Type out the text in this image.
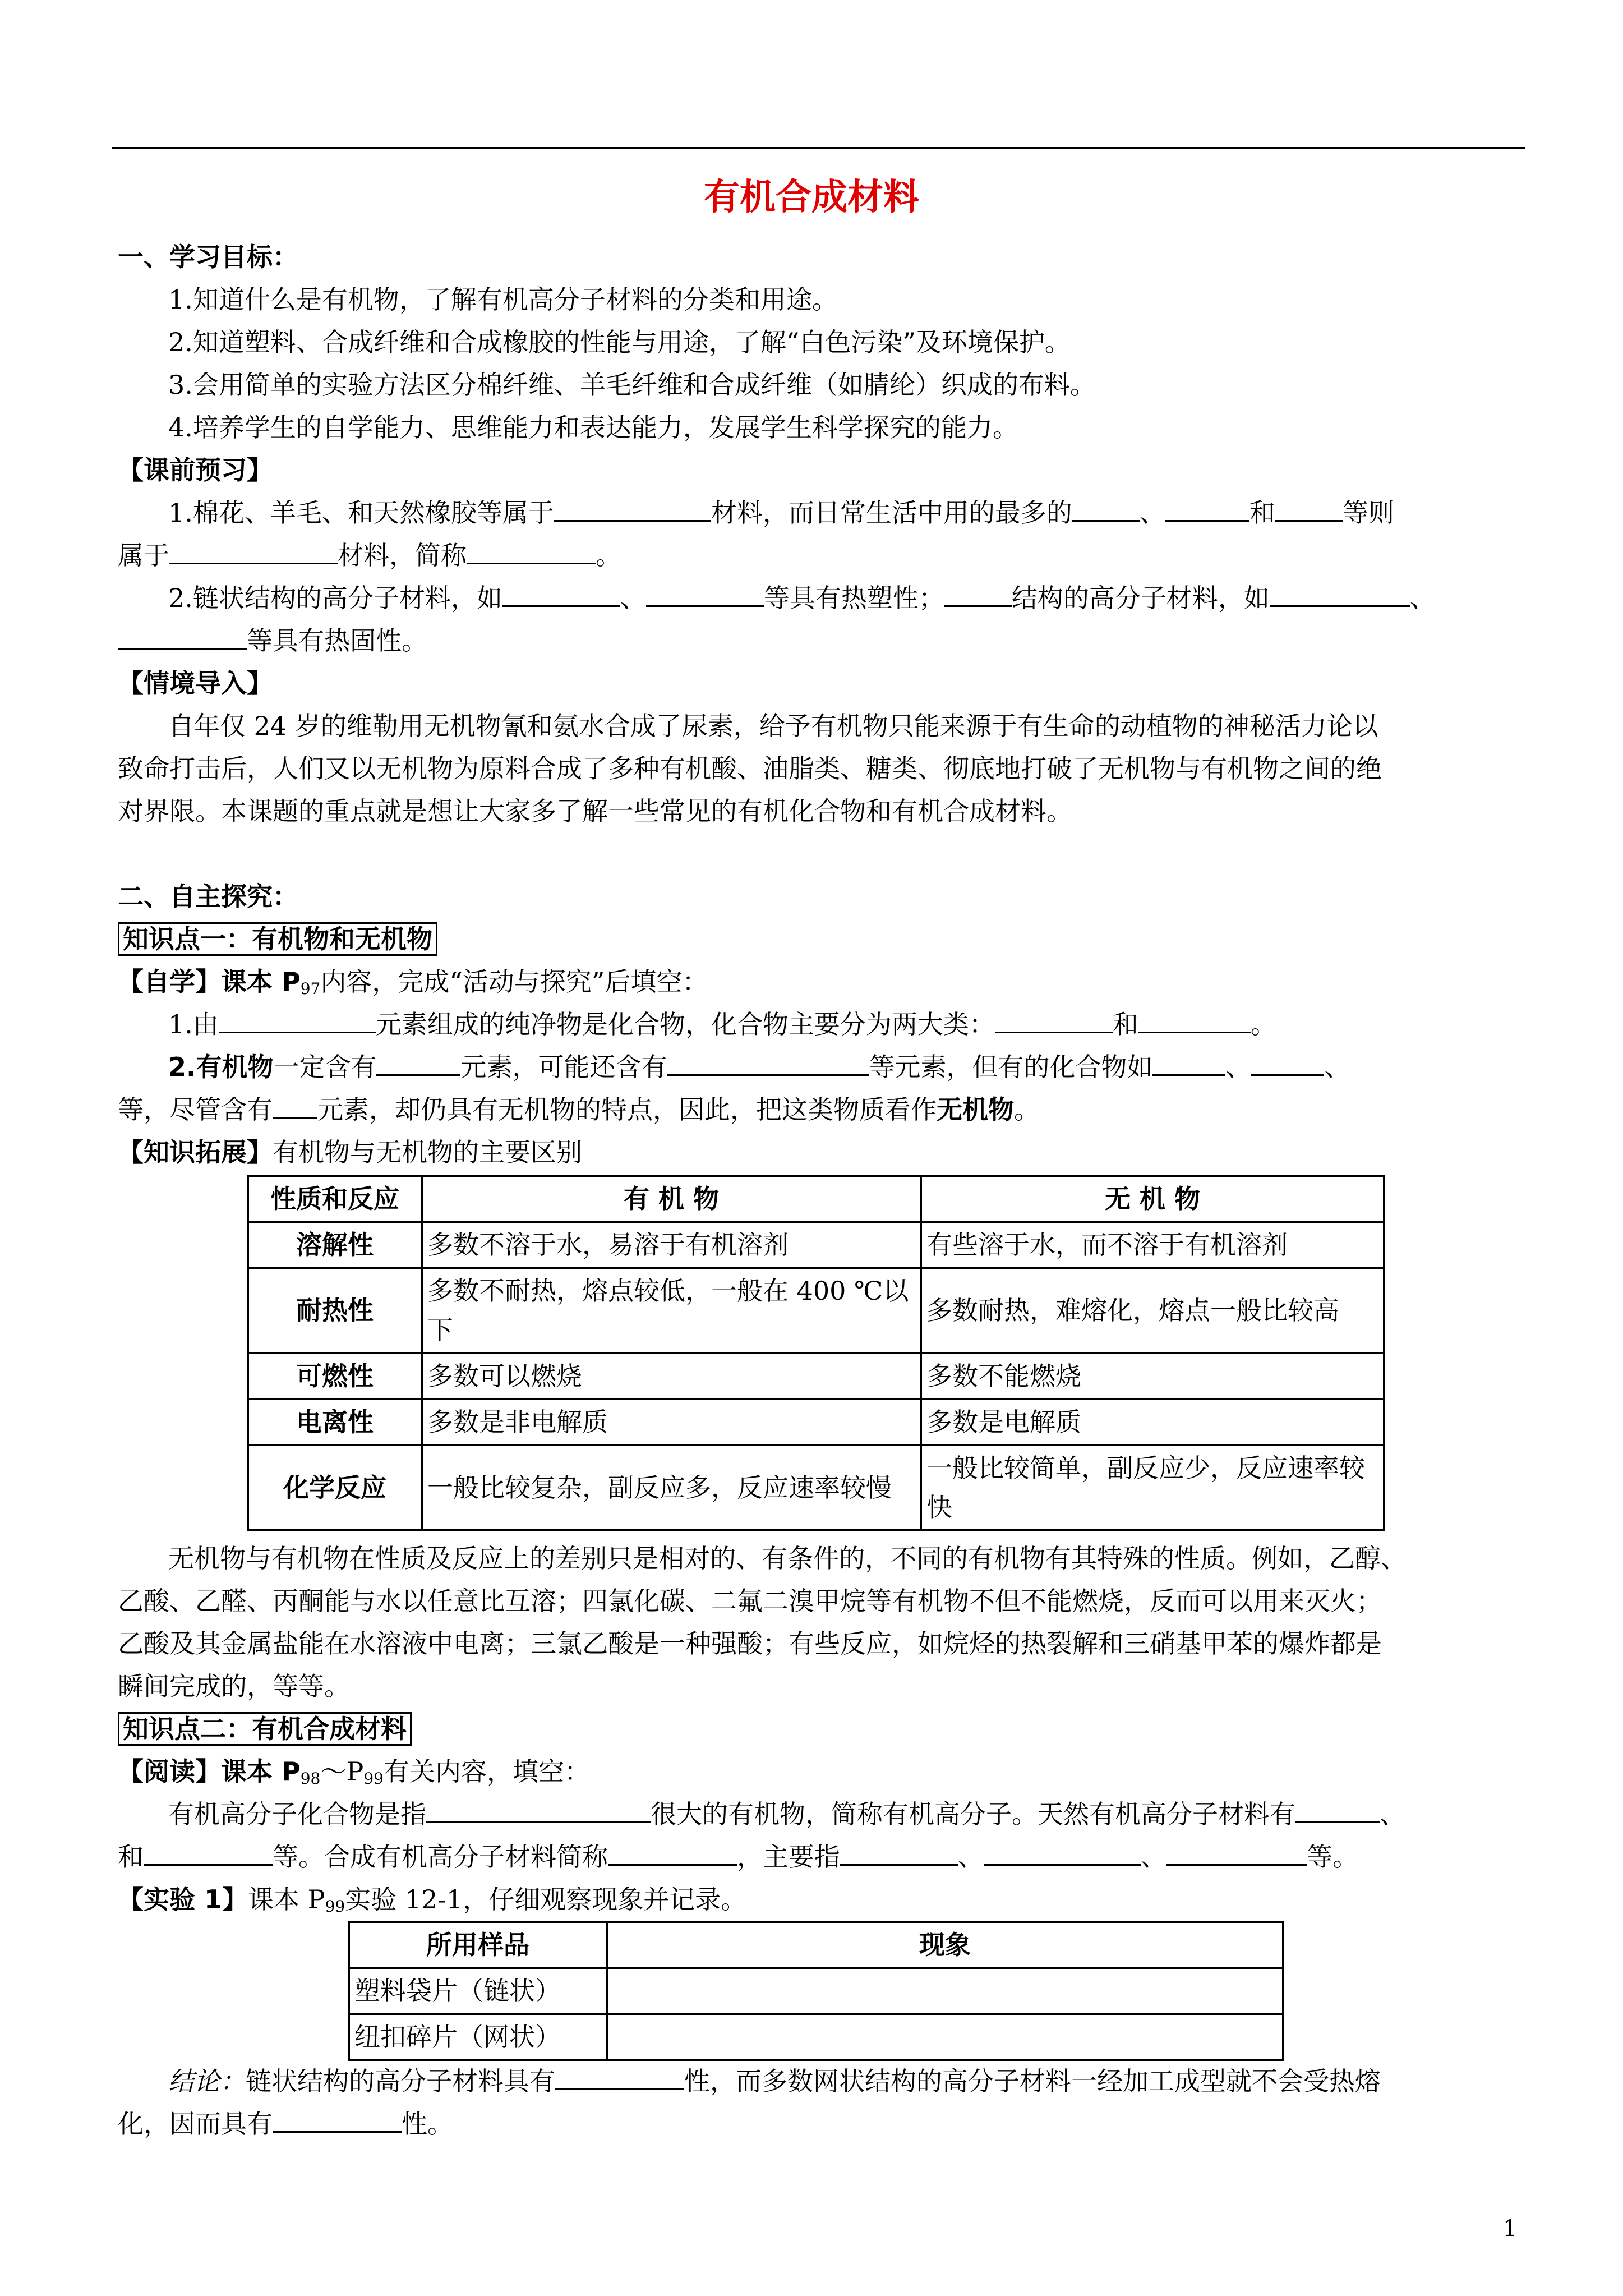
有机合成材料
一、学习目标：
1.知道什么是有机物，了解有机高分子材料的分类和用途。
2.知道塑料、合成纤维和合成橡胶的性能与用途，了解“白色污染”及环境保护。
3.会用简单的实验方法区分棉纤维、羊毛纤维和合成纤维（如腈纶）织成的布料。
4.培养学生的自学能力、思维能力和表达能力，发展学生科学探究的能力。
【课前预习】
1.棉花、羊毛、和天然橡胶等属于	材料，而日常生活中用的最多的	、	和	等则
属于	材料，简称	。
2.链状结构的高分子材料，如	、	等具有热塑性；	结构的高分子材料，如	、
等具有热固性。
【情境导入】
自年仅 24 岁的维勒用无机物氰和氨水合成了尿素，给予有机物只能来源于有生命的动植物的神秘活力论以
致命打击后，人们又以无机物为原料合成了多种有机酸、油脂类、糖类、彻底地打破了无机物与有机物之间的绝
对界限。本课题的重点就是想让大家多了解一些常见的有机化合物和有机合成材料。
二、自主探究：
知识点一：有机物和无机物
【自学】课本 $P_{97}$内容，完成“活动与探究”后填空：
1.由	元素组成的纯净物是化合物，化合物主要分为两大类：	和	。
2.有机物一定含有	元素，可能还含有	等元素，但有的化合物如	、	、
等，尽管含有 元素，却仍具有无机物的特点，因此，把这类物质看作无机物。
【知识拓展】有机物与无机物的主要区别
性质和反应	有 机 物	无 机 物
溶解性	多数不溶于水，易溶于有机溶剂	有些溶于水，而不溶于有机溶剂
耐热性	多数不耐热，熔点较低，一般在 400 ℃以下	多数耐热，难熔化，熔点一般比较高
可燃性	多数可以燃烧	多数不能燃烧
电离性	多数是非电解质	多数是电解质
化学反应	一般比较复杂，副反应多，反应速率较慢	一般比较简单，副反应少，反应速率较快
无机物与有机物在性质及反应上的差别只是相对的、有条件的，不同的有机物有其特殊的性质。例如，乙醇、
乙酸、乙醛、丙酮能与水以任意比互溶；四氯化碳、二氟二溴甲烷等有机物不但不能燃烧，反而可以用来灭火；
乙酸及其金属盐能在水溶液中电离；三氯乙酸是一种强酸；有些反应，如烷烃的热裂解和三硝基甲苯的爆炸都是
瞬间完成的，等等。
知识点二：有机合成材料
【阅读】课本 $P_{98}\sim P_{99}$有关内容，填空：
有机高分子化合物是指	很大的有机物，简称有机高分子。天然有机高分子材料有	、
和	等。合成有机高分子材料简称	，主要指	、	、	等。
【实验 1】课本 $P_{99}$实验 12-1，仔细观察现象并记录。
所用样品	现象
塑料袋片（链状）	
纽扣碎片（网状）	
结论：链状结构的高分子材料具有	性，而多数网状结构的高分子材料一经加工成型就不会受热熔
化，因而具有	性。
1
